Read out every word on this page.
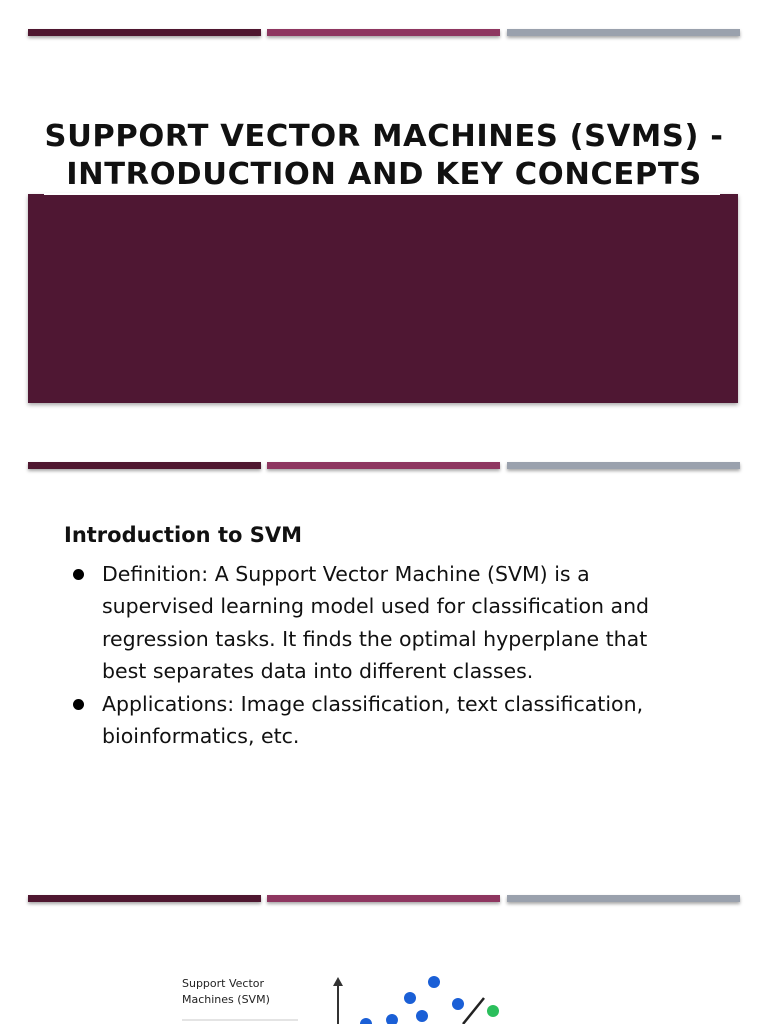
SUPPORT VECTOR MACHINES (SVMS) - INTRODUCTION AND KEY CONCEPTS
Introduction to SVM
Definition: A Support Vector Machine (SVM) is a supervised learning model used for classification and regression tasks. It finds the optimal hyperplane that best separates data into different classes.
Applications: Image classification, text classification, bioinformatics, etc.
Support Vector
Machines (SVM)
